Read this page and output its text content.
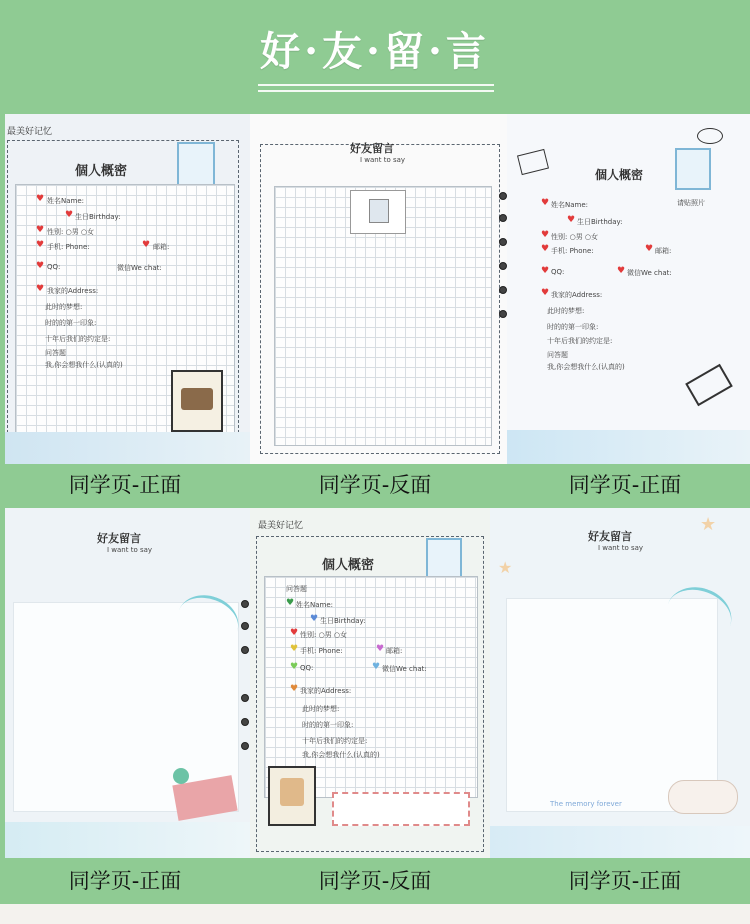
好·友·留·言
最美好记忆
個人概密
♥ 姓名Name:
♥ 生日Birthday:
♥ 性别: ○男 ○女
♥ 手机: Phone:	♥ 邮箱:
♥ QQ:	微信We chat:
♥ 我家的Address:
此时的梦想:
时的的第一印象:
十年后我们的约定是:
问答题
我,你会想我什么(认真的)
好友留言
I want to say
個人概密
请贴照片
♥ 姓名Name:
♥ 生日Birthday:
♥ 性别: ○男 ○女
♥ 手机: Phone:	♥ 邮箱:
♥ QQ:	♥ 微信We chat:
♥ 我家的Address:
此时的梦想:
时的的第一印象:
十年后我们的约定是:
问答题
我,你会想我什么(认真的)
同学页-正面	同学页-反面	同学页-正面
好友留言
I want to say
最美好记忆
個人概密
问答题
♥ 姓名Name:
♥ 生日Birthday:
♥ 性别: ○男 ○女
♥ 手机: Phone:	♥ 邮箱:
♥ QQ:	♥ 微信We chat:
♥ 我家的Address:
此时的梦想:
时的的第一印象:
十年后我们的约定是:
我,你会想我什么(认真的)
好友留言
I want to say
★
★
The memory forever
同学页-正面	同学页-反面	同学页-正面
